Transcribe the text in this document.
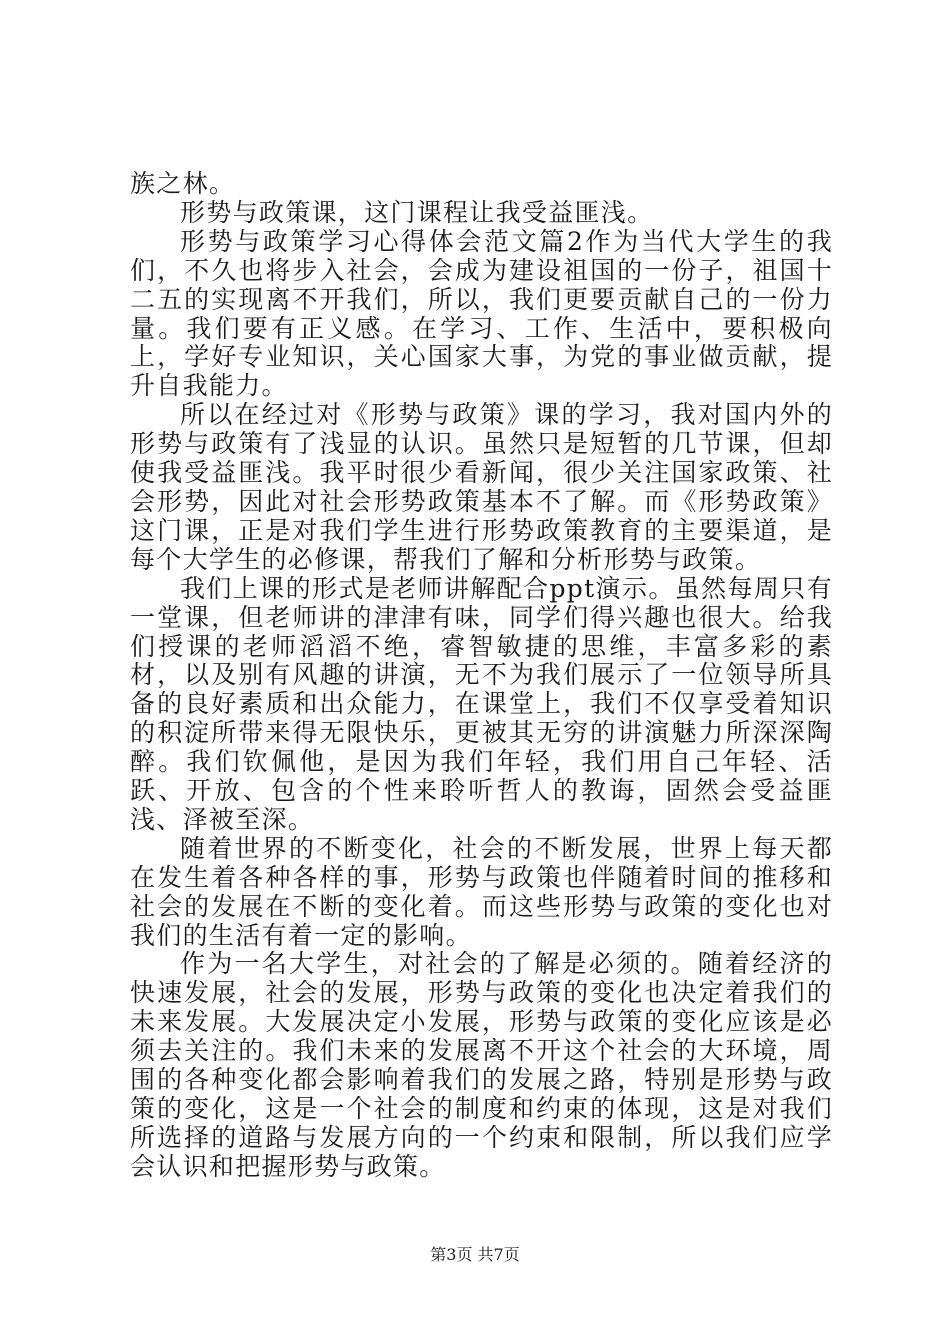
族之林。

形势与政策课，这门课程让我受益匪浅。

形势与政策学习心得体会范文篇2作为当代大学生的我们，不久也将步入社会，会成为建设祖国的一份子，祖国十二五的实现离不开我们，所以，我们更要贡献自己的一份力量。我们要有正义感。在学习、工作、生活中，要积极向上，学好专业知识，关心国家大事，为党的事业做贡献，提升自我能力。

所以在经过对《形势与政策》课的学习，我对国内外的形势与政策有了浅显的认识。虽然只是短暂的几节课，但却使我受益匪浅。我平时很少看新闻，很少关注国家政策、社会形势，因此对社会形势政策基本不了解。而《形势政策》这门课，正是对我们学生进行形势政策教育的主要渠道，是每个大学生的必修课，帮我们了解和分析形势与政策。

我们上课的形式是老师讲解配合ppt演示。虽然每周只有一堂课，但老师讲的津津有味，同学们得兴趣也很大。给我们授课的老师滔滔不绝，睿智敏捷的思维，丰富多彩的素材，以及别有风趣的讲演，无不为我们展示了一位领导所具备的良好素质和出众能力，在课堂上，我们不仅享受着知识的积淀所带来得无限快乐，更被其无穷的讲演魅力所深深陶醉。我们钦佩他，是因为我们年轻，我们用自己年轻、活跃、开放、包含的个性来聆听哲人的教诲，固然会受益匪浅、泽被至深。

随着世界的不断变化，社会的不断发展，世界上每天都在发生着各种各样的事，形势与政策也伴随着时间的推移和社会的发展在不断的变化着。而这些形势与政策的变化也对我们的生活有着一定的影响。

作为一名大学生，对社会的了解是必须的。随着经济的快速发展，社会的发展，形势与政策的变化也决定着我们的未来发展。大发展决定小发展，形势与政策的变化应该是必须去关注的。我们未来的发展离不开这个社会的大环境，周围的各种变化都会影响着我们的发展之路，特别是形势与政策的变化，这是一个社会的制度和约束的体现，这是对我们所选择的道路与发展方向的一个约束和限制，所以我们应学会认识和把握形势与政策。

第3页 共7页
